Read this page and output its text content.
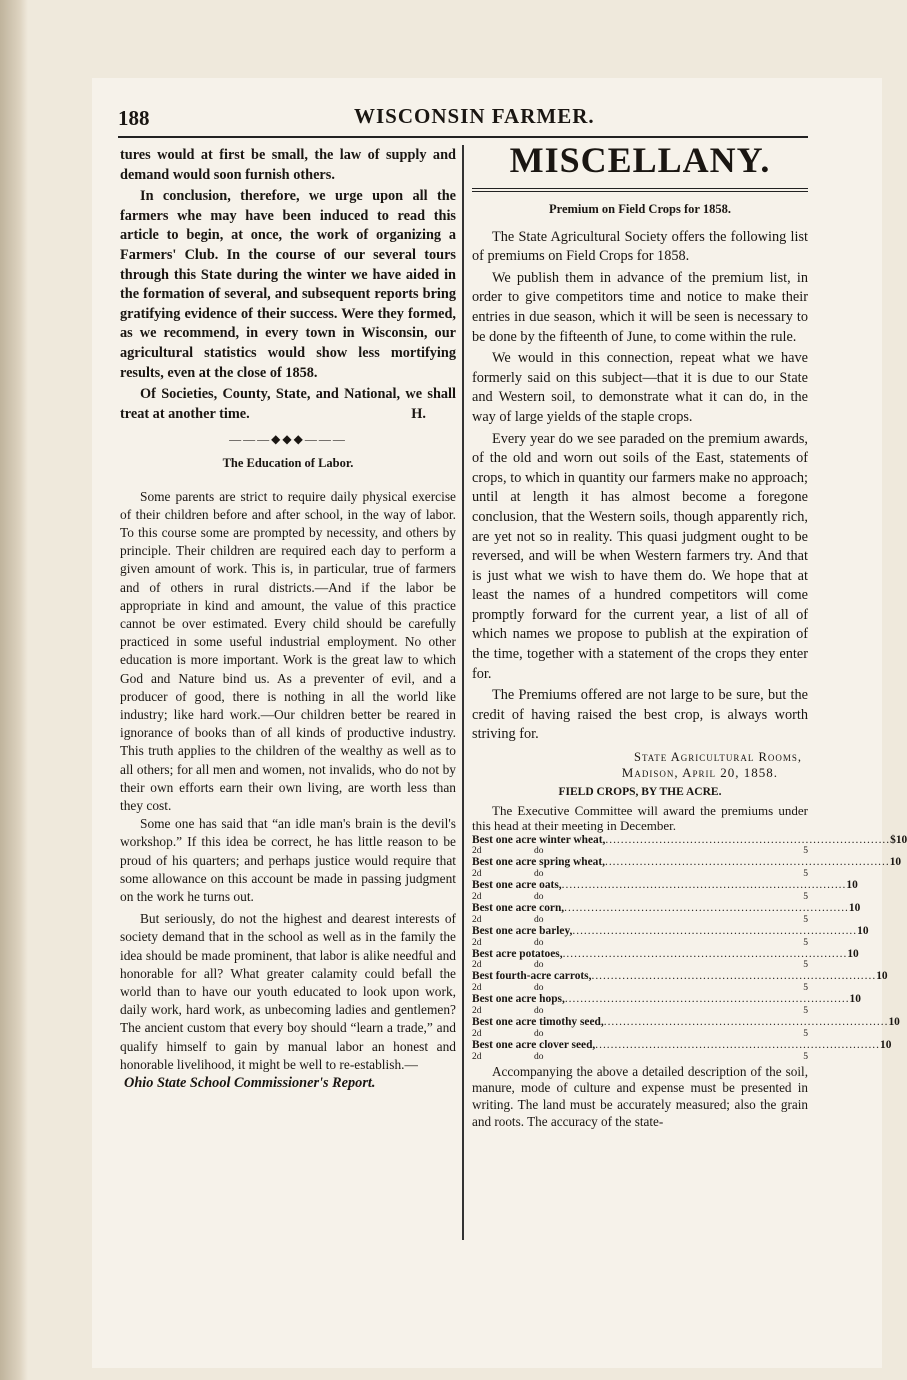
188	WISCONSIN FARMER.

tures would at first be small, the law of supply and demand would soon furnish others.

In conclusion, therefore, we urge upon all the farmers whe may have been induced to read this article to begin, at once, the work of organizing a Farmers' Club. In the course of our several tours through this State during the winter we have aided in the formation of several, and subsequent reports bring gratifying evidence of their success. Were they formed, as we recommend, in every town in Wisconsin, our agricultural statistics would show less mortifying results, even at the close of 1858.

Of Societies, County, State, and National, we shall treat at another time.	H.

———◆◆◆———
The Education of Labor.

Some parents are strict to require daily physical exercise of their children before and after school, in the way of labor. To this course some are prompted by necessity, and others by principle. Their children are required each day to perform a given amount of work. This is, in particular, true of farmers and of others in rural districts.—And if the labor be appropriate in kind and amount, the value of this practice cannot be over estimated. Every child should be carefully practiced in some useful industrial employment. No other education is more important. Work is the great law to which God and Nature bind us. As a preventer of evil, and a producer of good, there is nothing in all the world like industry; like hard work.—Our children better be reared in ignorance of books than of all kinds of productive industry. This truth applies to the children of the wealthy as well as to all others; for all men and women, not invalids, who do not by their own efforts earn their own living, are worth less than they cost.

Some one has said that “an idle man's brain is the devil's workshop.” If this idea be correct, he has little reason to be proud of his quarters; and perhaps justice would require that some allowance on this account be made in passing judgment on the work he turns out.

But seriously, do not the highest and dearest interests of society demand that in the school as well as in the family the idea should be made prominent, that labor is alike needful and honorable for all? What greater calamity could befall the world than to have our youth educated to look upon work, daily work, hard work, as unbecoming ladies and gentlemen? The ancient custom that every boy should “learn a trade,” and qualify himself to gain by manual labor an honest and honorable livelihood, it might be well to re-establish.—

Ohio State School Commissioner's Report.

MISCELLANY.
Premium on Field Crops for 1858.

The State Agricultural Society offers the following list of premiums on Field Crops for 1858.

We publish them in advance of the premium list, in order to give competitors time and notice to make their entries in due season, which it will be seen is necessary to be done by the fifteenth of June, to come within the rule.

We would in this connection, repeat what we have formerly said on this subject—that it is due to our State and Western soil, to demonstrate what it can do, in the way of large yields of the staple crops.

Every year do we see paraded on the premium awards, of the old and worn out soils of the East, statements of crops, to which in quantity our farmers make no approach; until at length it has almost become a foregone conclusion, that the Western soils, though apparently rich, are yet not so in reality. This quasi judgment ought to be reversed, and will be when Western farmers try. And that is just what we wish to have them do. We hope that at least the names of a hundred competitors will come promptly forward for the current year, a list of all of which names we propose to publish at the expiration of the time, together with a statement of the crops they enter for.

The Premiums offered are not large to be sure, but the credit of having raised the best crop, is always worth striving for.

State Agricultural Rooms,
Madison, April 20, 1858.
FIELD CROPS, BY THE ACRE.

The Executive Committee will award the premiums under this head at their meeting in December.

Best one acre winter wheat, .......................................................................... $10
2d	do	5
Best one acre spring wheat, .......................................................................... 10
2d	do	5
Best one acre oats, .......................................................................... 10
2d	do	5
Best one acre corn, .......................................................................... 10
2d	do	5
Best one acre barley, .......................................................................... 10
2d	do	5
Best acre potatoes, .......................................................................... 10
2d	do	5
Best fourth-acre carrots, .......................................................................... 10
2d	do	5
Best one acre hops, .......................................................................... 10
2d	do	5
Best one acre timothy seed, .......................................................................... 10
2d	do	5
Best one acre clover seed, .......................................................................... 10
2d	do	5

Accompanying the above a detailed description of the soil, manure, mode of culture and expense must be presented in writing. The land must be accurately measured; also the grain and roots. The accuracy of the state-
